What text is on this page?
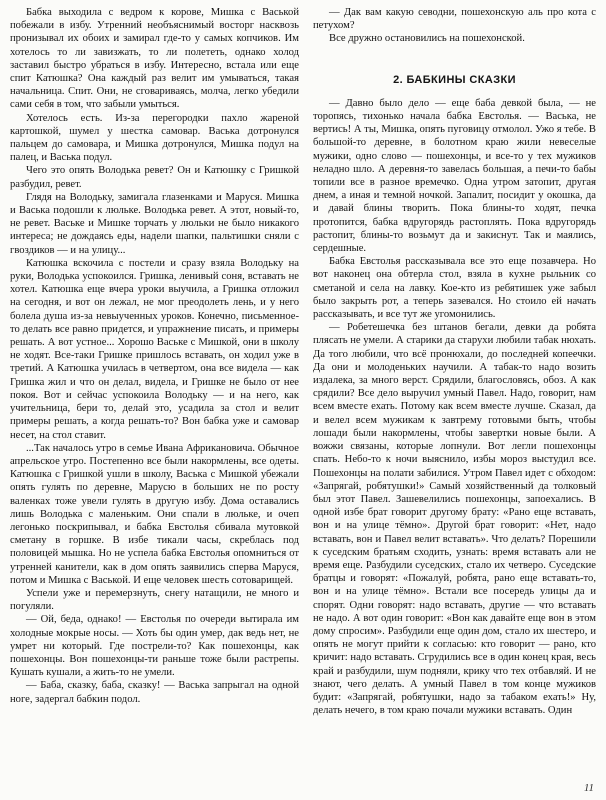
Бабка выходила с ведром к корове, Мишка с Васькой побежали в избу. Утренний необъяснимый восторг насквозь пронизывал их обоих и замирал где-то у самых копчиков. Им хотелось то ли завизжать, то ли полететь, однако холод заставил быстро убраться в избу. Интересно, встала или еще спит Катюшка? Она каждый раз велит им умываться, такая начальница. Спит. Они, не сговариваясь, молча, легко убедили сами себя в том, что забыли умыться.

Хотелось есть. Из-за перегородки пахло жареной картошкой, шумел у шестка самовар. Васька дотронулся пальцем до самовара, и Мишка дотронулся, Мишка подул на палец, и Васька подул.

Чего это опять Володька ревет? Он и Катюшку с Гришкой разбудил, ревет.

Глядя на Володьку, замигала глазенками и Маруся. Мишка и Васька подошли к люльке. Володька ревет. А этот, новый-то, не ревет. Ваське и Мишке торчать у люльки не было никакого интереса; не дождаясь еды, надели шапки, пальтишки сняли с гвоздиков — и на улицу...

Катюшка вскочила с постели и сразу взяла Володьку на руки, Володька успокоился. Гришка, ленивый соня, вставать не хотел. Катюшка еще вчера уроки выучила, а Гришка отложил на сегодня, и вот он лежал, не мог преодолеть лень, и у него болела душа из-за невыученных уроков. Конечно, письменное-то делать все равно придется, и упражнение писать, и примеры решать. А вот устное... Хорошо Ваське с Мишкой, они в школу не ходят. Все-таки Гришке пришлось вставать, он ходил уже в третий. А Катюшка училась в четвертом, она все видела — как Гришка жил и что он делал, видела, и Гришке не было от нее покоя. Вот и сейчас успокоила Володьку — и на него, как учительница, бери то, делай это, усадила за стол и велит примеры решать, а когда решать-то? Вон бабка уже и самовар несет, на стол ставит.

...Так началось утро в семье Ивана Африкановича. Обычное апрельское утро. Постепенно все были накормлены, все одеты. Катюшка с Гришкой ушли в школу, Васька с Мишкой убежали опять гулять по деревне, Марусю в больших не по росту валенках тоже увели гулять в другую избу. Дома оставались лишь Володька с маленьким. Они спали в люльке, и очеп легонько поскрипывал, и бабка Евстолья сбивала мутовкой сметану в горшке. В избе тикали часы, скреблась под половицей мышка. Но не успела бабка Евстолья опомниться от утренней канители, как в дом опять заявились сперва Маруся, потом и Мишка с Васькой. И еще человек шесть сотоварищей.

Успели уже и перемерзнуть, снегу натащили, не много и погуляли.

— Ой, беда, однако! — Евстолья по очереди вытирала им холодные мокрые носы. — Хоть бы один умер, дак ведь нет, не умрет ни который. Где пострели-то? Как пошехонцы, как пошехонцы. Вон пошехонцы-ти раньше тоже были растрепы. Кушать кушали, а жить-то не умели.

— Баба, сказку, баба, сказку! — Васька запрыгал на одной ноге, задергал бабкин подол.

— Дак вам какую севодни, пошехонскую аль про кота с петухом?

Все дружно остановились на пошехонской.

2. БАБКИНЫ СКАЗКИ

— Давно было дело — еще баба девкой была, — не торопясь, тихонько начала бабка Евстолья. — Васька, не вертись! А ты, Мишка, опять пуговицу отмолол. Ужо я тебе. В большой-то деревне, в болотном краю жили невеселые мужики, одно слово — пошехонцы, и все-то у тех мужиков неладно шло. А деревня-то завелась большая, а печи-то бабы топили все в разное времечко. Одна утром затопит, другая днем, а иная и темной ночкой. Запалит, посидит у окошка, да и давай блины творить. Пока блины-то ходят, печка протопится, бабка вдругорядь растоплять. Пока вдругорядь растопит, блины-то возьмут да и закиснут. Так и маялись, сердешные.

Бабка Евстолья рассказывала все это еще позавчера. Но вот наконец она обтерла стол, взяла в кухне рыльник со сметаной и села на лавку. Кое-кто из ребятишек уже забыл было закрыть рот, а теперь зазевался. Но стоило ей начать рассказывать, и все тут же угомонились.

— Робетешечка без штанов бегали, девки да робята плясать не умели. А старики да старухи любили табак нюхать. Да того любили, что всё пронюхали, до последней копеечки. Да они и молоденьких научили. А табак-то надо возить издалека, за много верст. Срядили, благословясь, обоз. А как срядили? Все дело выручил умный Павел. Надо, говорит, нам всем вместе ехать. Потому как всем вместе лучше. Сказал, да и велел всем мужикам к завтрему готовыми быть, чтобы лошади были накормлены, чтобы завертки новые были. А вожжи связаны, которые лопнули. Вот легли пошехонцы спать. Небо-то к ночи выяснило, избы мороз выстудил все. Пошехонцы на полати забилися. Утром Павел идет с обходом: «Запрягай, робятушки!» Самый хозяйственный да толковый был этот Павел. Зашевелились пошехонцы, запоехались. В одной избе брат говорит другому брату: «Рано еще вставать, вон и на улице тёмно». Другой брат говорит: «Нет, надо вставать, вон и Павел велит вставать». Что делать? Порешили к суседским братьям сходить, узнать: время вставать али не время еще. Разбудили суседских, стало их четверо. Суседские братцы и говорят: «Пожалуй, робята, рано еще вставать-то, вон и на улице тёмно». Встали все посередь улицы да и спорят. Одни говорят: надо вставать, другие — что вставать не надо. А вот один говорит: «Вон как давайте еще вон в этом дому спросим». Разбудили еще один дом, стало их шестеро, и опять не могут прийти к согласью: кто говорит — рано, кто кричит: надо вставать. Сгрудились все в один конец края, весь край и разбудили, шум подняли, крику что тех отбавляй. И не знают, чего делать. А умный Павел в том конце мужиков будит: «Запрягай, робятушки, надо за табаком ехать!» Ну, делать нечего, в том краю почали мужики вставать. Один

11
